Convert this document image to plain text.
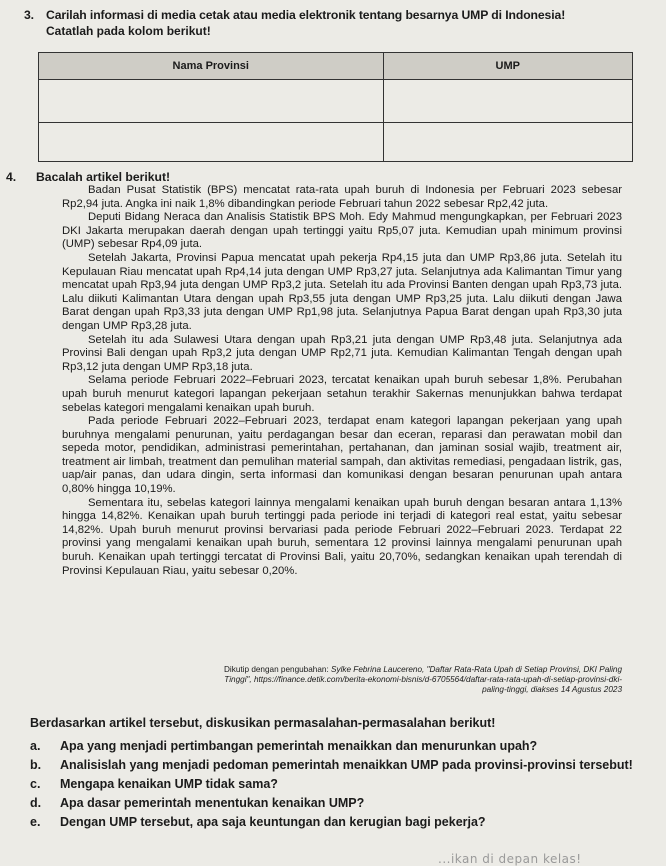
3. Carilah informasi di media cetak atau media elektronik tentang besarnya UMP di Indonesia!
Catatlah pada kolom berikut!
Nama Provinsi	UMP

4. Bacalah artikel berikut!

Badan Pusat Statistik (BPS) mencatat rata-rata upah buruh di Indonesia per Februari 2023 sebesar Rp2,94 juta. Angka ini naik 1,8% dibandingkan periode Februari tahun 2022 sebesar Rp2,42 juta.

Deputi Bidang Neraca dan Analisis Statistik BPS Moh. Edy Mahmud mengungkapkan, per Februari 2023 DKI Jakarta merupakan daerah dengan upah tertinggi yaitu Rp5,07 juta. Kemudian upah minimum provinsi (UMP) sebesar Rp4,09 juta.

Setelah Jakarta, Provinsi Papua mencatat upah pekerja Rp4,15 juta dan UMP Rp3,86 juta. Setelah itu Kepulauan Riau mencatat upah Rp4,14 juta dengan UMP Rp3,27 juta. Selanjutnya ada Kalimantan Timur yang mencatat upah Rp3,94 juta dengan UMP Rp3,2 juta. Setelah itu ada Provinsi Banten dengan upah Rp3,73 juta. Lalu diikuti Kalimantan Utara dengan upah Rp3,55 juta dengan UMP Rp3,25 juta. Lalu diikuti dengan Jawa Barat dengan upah Rp3,33 juta dengan UMP Rp1,98 juta. Selanjutnya Papua Barat dengan upah Rp3,30 juta dengan UMP Rp3,28 juta.

Setelah itu ada Sulawesi Utara dengan upah Rp3,21 juta dengan UMP Rp3,48 juta. Selanjutnya ada Provinsi Bali dengan upah Rp3,2 juta dengan UMP Rp2,71 juta. Kemudian Kalimantan Tengah dengan upah Rp3,12 juta dengan UMP Rp3,18 juta.

Selama periode Februari 2022–Februari 2023, tercatat kenaikan upah buruh sebesar 1,8%. Perubahan upah buruh menurut kategori lapangan pekerjaan setahun terakhir Sakernas menunjukkan bahwa terdapat sebelas kategori mengalami kenaikan upah buruh.

Pada periode Februari 2022–Februari 2023, terdapat enam kategori lapangan pekerjaan yang upah buruhnya mengalami penurunan, yaitu perdagangan besar dan eceran, reparasi dan perawatan mobil dan sepeda motor, pendidikan, administrasi pemerintahan, pertahanan, dan jaminan sosial wajib, treatment air, treatment air limbah, treatment dan pemulihan material sampah, dan aktivitas remediasi, pengadaan listrik, gas, uap/air panas, dan udara dingin, serta informasi dan komunikasi dengan besaran penurunan upah antara 0,80% hingga 10,19%.

Sementara itu, sebelas kategori lainnya mengalami kenaikan upah buruh dengan besaran antara 1,13% hingga 14,82%. Kenaikan upah buruh tertinggi pada periode ini terjadi di kategori real estat, yaitu sebesar 14,82%. Upah buruh menurut provinsi bervariasi pada periode Februari 2022–Februari 2023. Terdapat 22 provinsi yang mengalami kenaikan upah buruh, sementara 12 provinsi lainnya mengalami penurunan upah buruh. Kenaikan upah tertinggi tercatat di Provinsi Bali, yaitu 20,70%, sedangkan kenaikan upah terendah di Provinsi Kepulauan Riau, yaitu sebesar 0,20%.

Dikutip dengan pengubahan: Sylke Febrina Laucereno, "Daftar Rata-Rata Upah di Setiap Provinsi, DKI Paling Tinggi", https://finance.detik.com/berita-ekonomi-bisnis/d-6705564/daftar-rata-rata-upah-di-setiap-provinsi-dki-paling-tinggi, diakses 14 Agustus 2023
Berdasarkan artikel tersebut, diskusikan permasalahan-permasalahan berikut!
a. Apa yang menjadi pertimbangan pemerintah menaikkan dan menurunkan upah?
b. Analisislah yang menjadi pedoman pemerintah menaikkan UMP pada provinsi-provinsi tersebut!
c. Mengapa kenaikan UMP tidak sama?
d. Apa dasar pemerintah menentukan kenaikan UMP?
e. Dengan UMP tersebut, apa saja keuntungan dan kerugian bagi pekerja?
...ikan di depan kelas!
